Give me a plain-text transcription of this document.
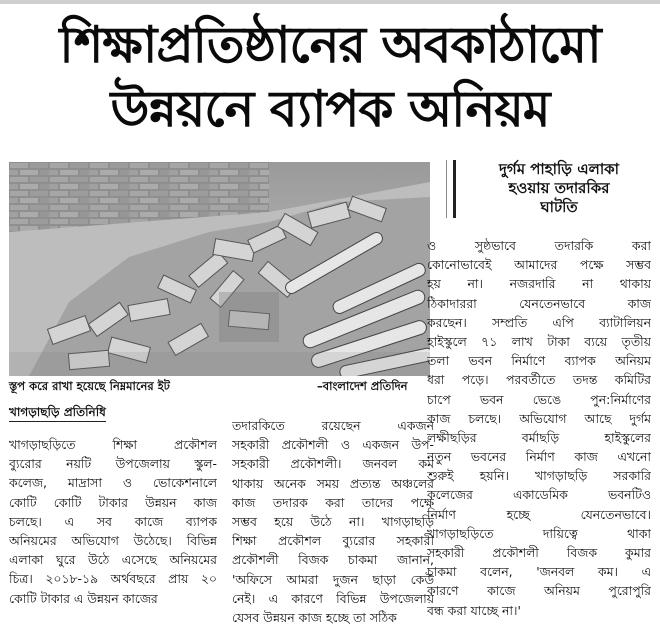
শিক্ষাপ্রতিষ্ঠানের অবকাঠামো
উন্নয়নে ব্যাপক অনিয়ম
স্তূপ করে রাখা হয়েছে নিম্নমানের ইট	–বাংলাদেশ প্রতিদিন
দুর্গম পাহাড়ি এলাকা
হওয়ায় তদারকির
ঘাটতি
খাগড়াছড়ি প্রতিনিধি
খাগড়াছড়িতে শিক্ষা প্রকৌশল
ব্যুরোর নয়টি উপজেলায় স্কুল-
কলেজ, মাদ্রাসা ও ভোকেশনালে
কোটি কোটি টাকার উন্নয়ন কাজ
চলছে। এ সব কাজে ব্যাপক
অনিয়মের অভিযোগ উঠেছে। বিভিন্ন
এলাকা ঘুরে উঠে এসেছে অনিয়মের
চিত্র। ২০১৮-১৯ অর্থবছরে প্রায় ২০
কোটি টাকার এ উন্নয়ন কাজের
তদারকিতে রয়েছেন একজন
সহকারী প্রকৌশলী ও একজন উপ-
সহকারী প্রকৌশলী। জনবল কম
থাকায় অনেক সময় প্রত্যন্ত অঞ্চলের
কাজ তদারক করা তাদের পক্ষে
সম্ভব হয়ে উঠে না। খাগড়াছড়ি
শিক্ষা প্রকৌশল ব্যুরোর সহকারী
প্রকৌশলী বিজক চাকমা জানান,
'অফিসে আমরা দুজন ছাড়া কেউ
নেই। এ কারণে বিভিন্ন উপজেলায়
যেসব উন্নয়ন কাজ হচ্ছে তা সঠিক
ও সুষ্ঠভাবে তদারকি করা
কোনোভাবেই আমাদের পক্ষে সম্ভব
হয় না। নজরদারি না থাকায়
ঠিকাদাররা যেনতেনভাবে কাজ
করছেন। সম্প্রতি এপি ব্যাটালিয়ন
হাইস্কুলে ৭১ লাখ টাকা ব্যয়ে তৃতীয়
তলা ভবন নির্মাণে ব্যাপক অনিয়ম
ধরা পড়ে। পরবর্তীতে তদন্ত কমিটির
চাপে ভবন ভেঙে পুন:নির্মাণের
কাজ চলছে। অভিযোগ আছে দুর্গম
লক্ষীছড়ির বর্মাছড়ি হাইস্কুলের
নতুন ভবনের নির্মাণ কাজ এখনো
শুরুই হয়নি। খাগড়াছড়ি সরকারি
কলেজের একাডেমিক ভবনটিও
নির্মাণ হচ্ছে যেনতেনভাবে।
খাগড়াছড়িতে দায়িত্বে থাকা
সহকারী প্রকৌশলী বিজক কুমার
চাকমা বলেন, 'জনবল কম। এ
কারণে কাজে অনিয়ম পুরোপুরি
বন্ধ করা যাচ্ছে না।'
